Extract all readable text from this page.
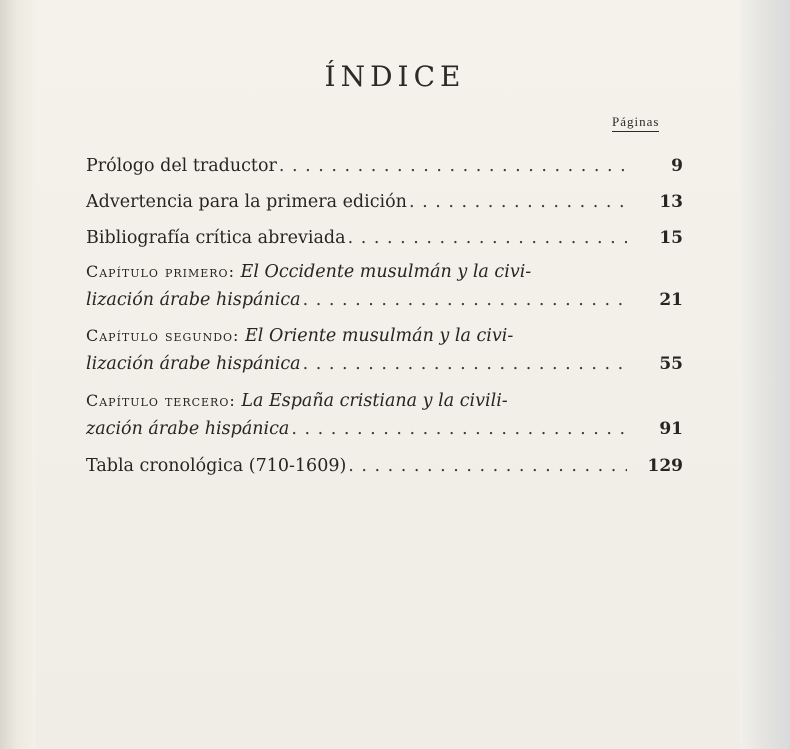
ÍNDICE
Páginas
Prólogo del traductor . . .	9
Advertencia para la primera edición . . .	13
Bibliografía crítica abreviada . . .	15
Capítulo primero: El Occidente musulmán y la civi-
lización árabe hispánica . . .	21
Capítulo segundo: El Oriente musulmán y la civi-
lización árabe hispánica . . .	55
Capítulo tercero: La España cristiana y la civili-
zación árabe hispánica . . .	91
Tabla cronológica (710-1609) . . .	129
